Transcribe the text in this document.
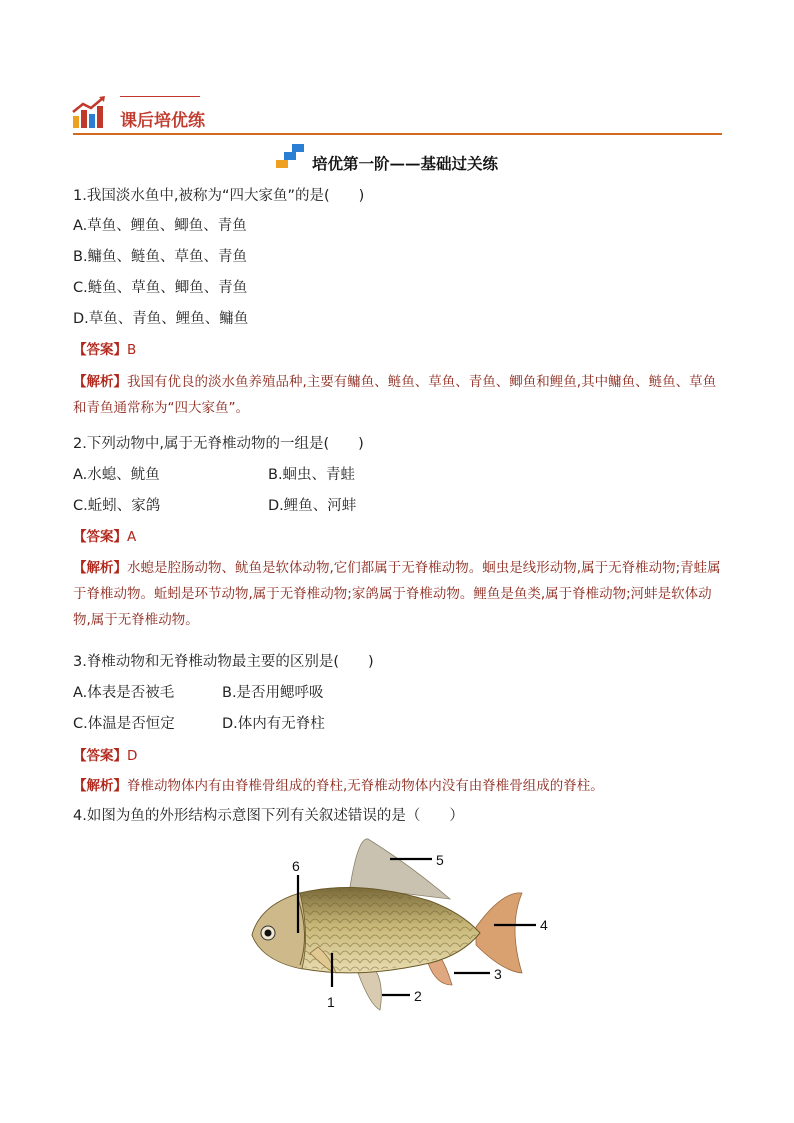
课后培优练
培优第一阶——基础过关练
1.我国淡水鱼中,被称为“四大家鱼”的是(　　)
A.草鱼、鲤鱼、鲫鱼、青鱼
B.鳙鱼、鲢鱼、草鱼、青鱼
C.鲢鱼、草鱼、鲫鱼、青鱼
D.草鱼、青鱼、鲤鱼、鳙鱼
【答案】B
【解析】我国有优良的淡水鱼养殖品种,主要有鳙鱼、鲢鱼、草鱼、青鱼、鲫鱼和鲤鱼,其中鳙鱼、鲢鱼、草鱼和青鱼通常称为“四大家鱼”。
2.下列动物中,属于无脊椎动物的一组是(　　)
A.水螅、鱿鱼	B.蛔虫、青蛙
C.蚯蚓、家鸽	D.鲤鱼、河蚌
【答案】A
【解析】水螅是腔肠动物、鱿鱼是软体动物,它们都属于无脊椎动物。蛔虫是线形动物,属于无脊椎动物;青蛙属于脊椎动物。蚯蚓是环节动物,属于无脊椎动物;家鸽属于脊椎动物。鲤鱼是鱼类,属于脊椎动物;河蚌是软体动物,属于无脊椎动物。
3.脊椎动物和无脊椎动物最主要的区别是(　　)
A.体表是否被毛	B.是否用鳃呼吸
C.体温是否恒定	D.体内有无脊柱
【答案】D
【解析】脊椎动物体内有由脊椎骨组成的脊柱,无脊椎动物体内没有由脊椎骨组成的脊柱。
4.如图为鱼的外形结构示意图下列有关叙述错误的是（　　）
6	5
4
3
2
1
